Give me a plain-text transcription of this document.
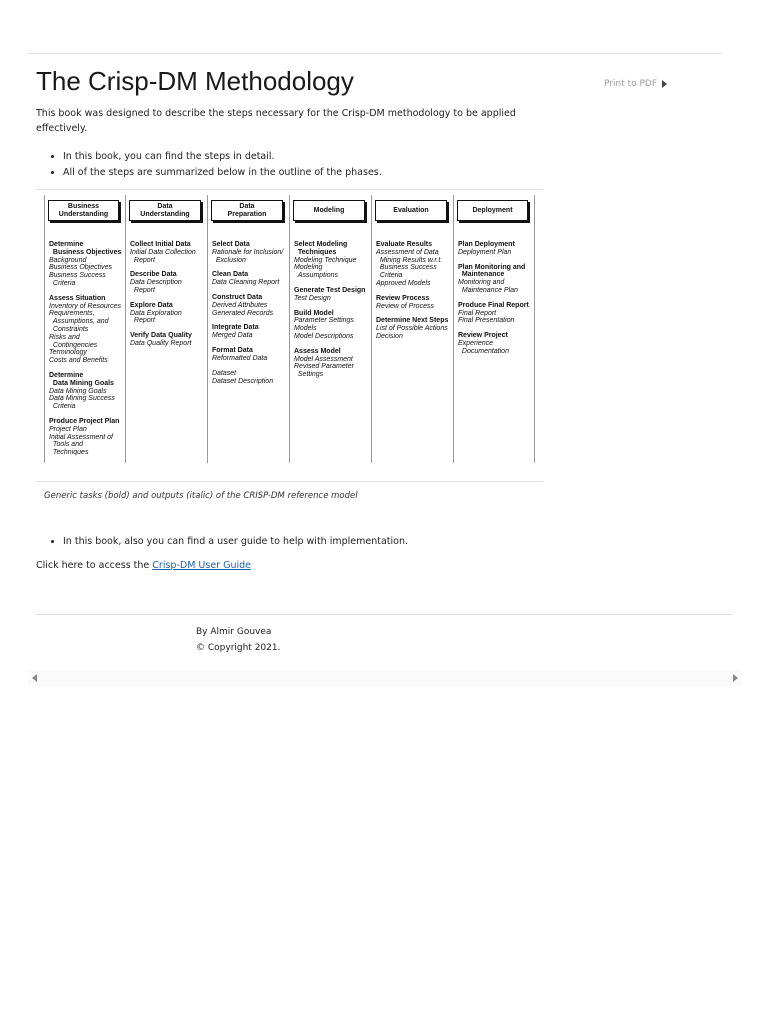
The Crisp-DM Methodology	Print to PDF

This book was designed to describe the steps necessary for the Crisp-DM methodology to be applied effectively.

• In this book, you can find the steps in detail.
• All of the steps are summarized below in the outline of the phases.
Business
Understanding
Determine
Business Objectives
Background
Business Objectives
Business Success
Criteria
Assess Situation
Inventory of Resources
Requirements,
Assumptions, and
Constraints
Risks and
Contingencies
Terminology
Costs and Benefits
Determine
Data Mining Goals
Data Mining Goals
Data Mining Success
Criteria
Produce Project Plan
Project Plan
Initial Assessment of
Tools and
Techniques
Data
Understanding
Collect Initial Data
Initial Data Collection
Report
Describe Data
Data Description
Report
Explore Data
Data Exploration
Report
Verify Data Quality
Data Quality Report
Data
Preparation
Select Data
Rationale for Inclusion/
Exclusion
Clean Data
Data Cleaning Report
Construct Data
Derived Attributes
Generated Records
Integrate Data
Merged Data
Format Data
Reformatted Data

Dataset
Dataset Description
Modeling
Select Modeling
Techniques
Modeling Technique
Modeling
Assumptions
Generate Test Design
Test Design
Build Model
Parameter Settings
Models
Model Descriptions
Assess Model
Model Assessment
Revised Parameter
Settings
Evaluation
Evaluate Results
Assessment of Data
Mining Results w.r.t.
Business Success
Criteria
Approved Models
Review Process
Review of Process
Determine Next Steps
List of Possible Actions
Decision
Deployment
Plan Deployment
Deployment Plan
Plan Monitoring and
Maintenance
Monitoring and
Maintenance Plan
Produce Final Report
Final Report
Final Presentation
Review Project
Experience
Documentation

Generic tasks (bold) and outputs (italic) of the CRISP-DM reference model

• In this book, also you can find a user guide to help with implementation.

Click here to access the Crisp-DM User Guide

By Almir Gouvea
© Copyright 2021.
